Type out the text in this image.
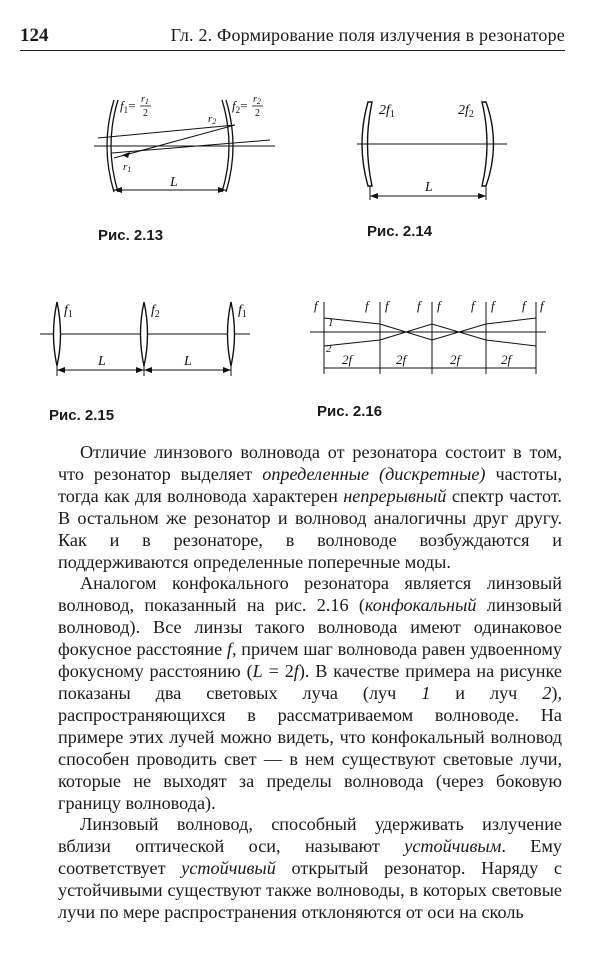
124	Гл. 2. Формирование поля излучения в резонаторе
L
$f_1= r_1$
2
$f_2= r_2$
2
r2
r1
Рис. 2.13
$2f_1$	$2f_2$
L
Рис. 2.14
$f_1$	$f_2$	$f_1$
L	L
Рис. 2.15
f	f f f f f f f f
1
2
2f	2f	2f	2f
Рис. 2.16

Отличие линзового волновода от резонатора состоит в том, что резонатор выделяет определенные (дискретные) частоты, тогда как для волновода характерен непрерывный спектр частот. В остальном же резонатор и волновод аналогичны друг другу. Как и в резонаторе, в волноводе возбуждаются и поддерживаются определенные поперечные моды.

Аналогом конфокального резонатора является линзовый волновод, показанный на рис. 2.16 (конфокальный линзовый волновод). Все линзы такого волновода имеют одинаковое фокусное расстояние f, причем шаг волновода равен удвоенному фокусному расстоянию (L = 2f). В качестве примера на рисунке показаны два световых луча (луч 1 и луч 2), распространяющихся в рассматриваемом волноводе. На примере этих лучей можно видеть, что конфокальный волновод способен проводить свет — в нем существуют световые лучи, которые не выходят за пределы волновода (через боковую границу волновода).

Линзовый волновод, способный удерживать излучение вблизи оптической оси, называют устойчивым. Ему соответствует устойчивый открытый резонатор. Наряду с устойчивыми существуют также волноводы, в которых световые лучи по мере распространения отклоняются от оси на сколь
